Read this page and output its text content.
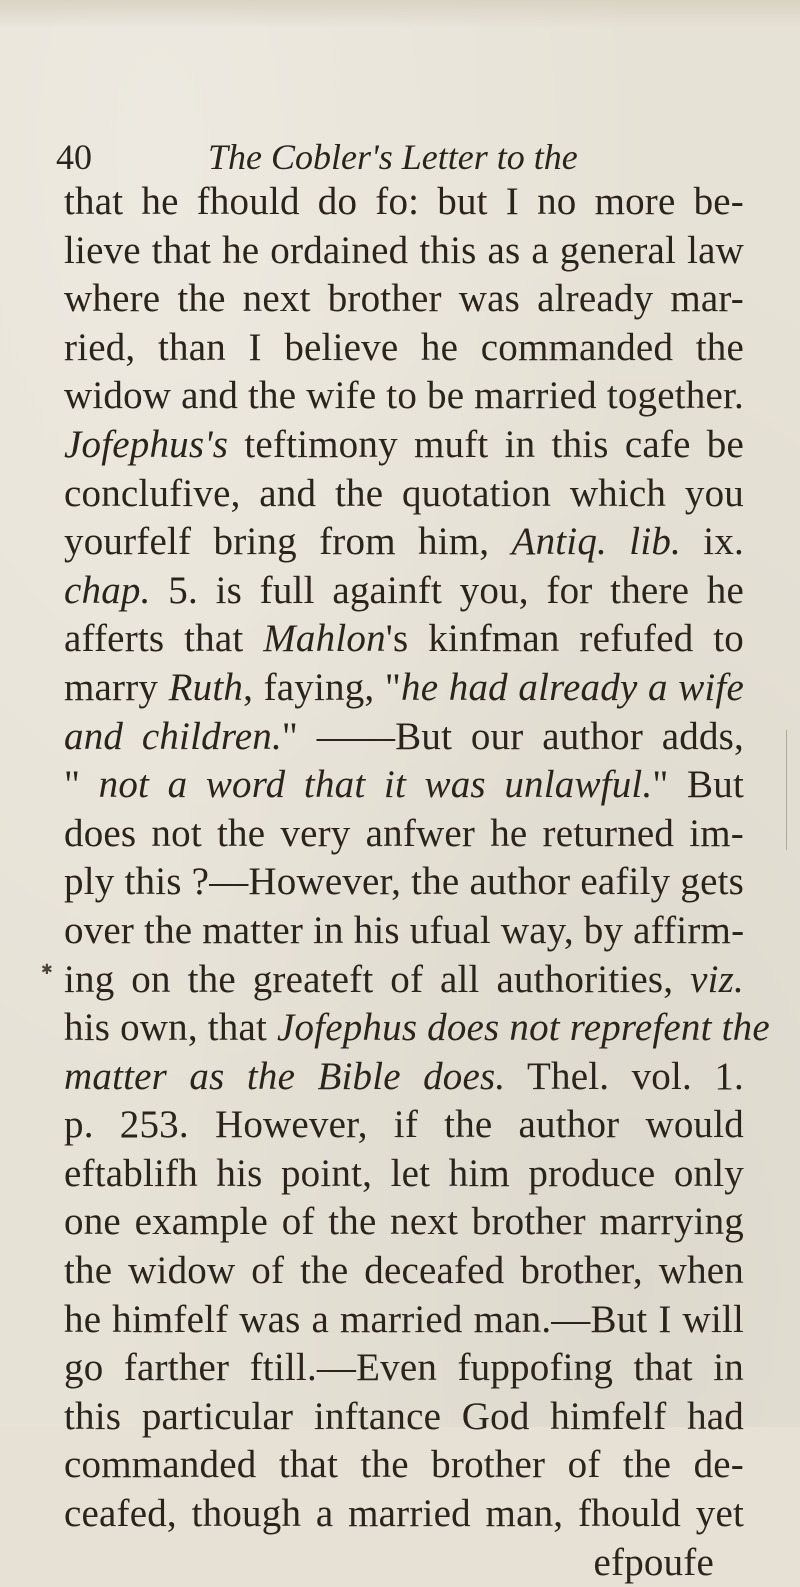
40	The Cobler's Letter to the
that he fhould do fo: but I no more be-
lieve that he ordained this as a general law
where the next brother was already mar-
ried, than I believe he commanded the
widow and the wife to be married together.
Jofephus's teftimony muft in this cafe be
conclufive, and the quotation which you
yourfelf bring from him, Antiq. lib. ix.
chap. 5. is full againft you, for there he
afferts that Mahlon's kinfman refufed to
marry Ruth, faying, "he had already a wife
and children." ——But our author adds,
" not a word that it was unlawful." But
does not the very anfwer he returned im-
ply this ?—However, the author eafily gets
over the matter in his ufual way, by affirm-
ing on the greateft of all authorities, viz.
his own, that Jofephus does not reprefent the
matter as the Bible does. Thel. vol. 1.
p. 253. However, if the author would
eftablifh his point, let him produce only
one example of the next brother marrying
the widow of the deceafed brother, when
he himfelf was a married man.—But I will
go farther ftill.—Even fuppofing that in
this particular inftance God himfelf had
commanded that the brother of the de-
ceafed, though a married man, fhould yet
efpoufe
✱
